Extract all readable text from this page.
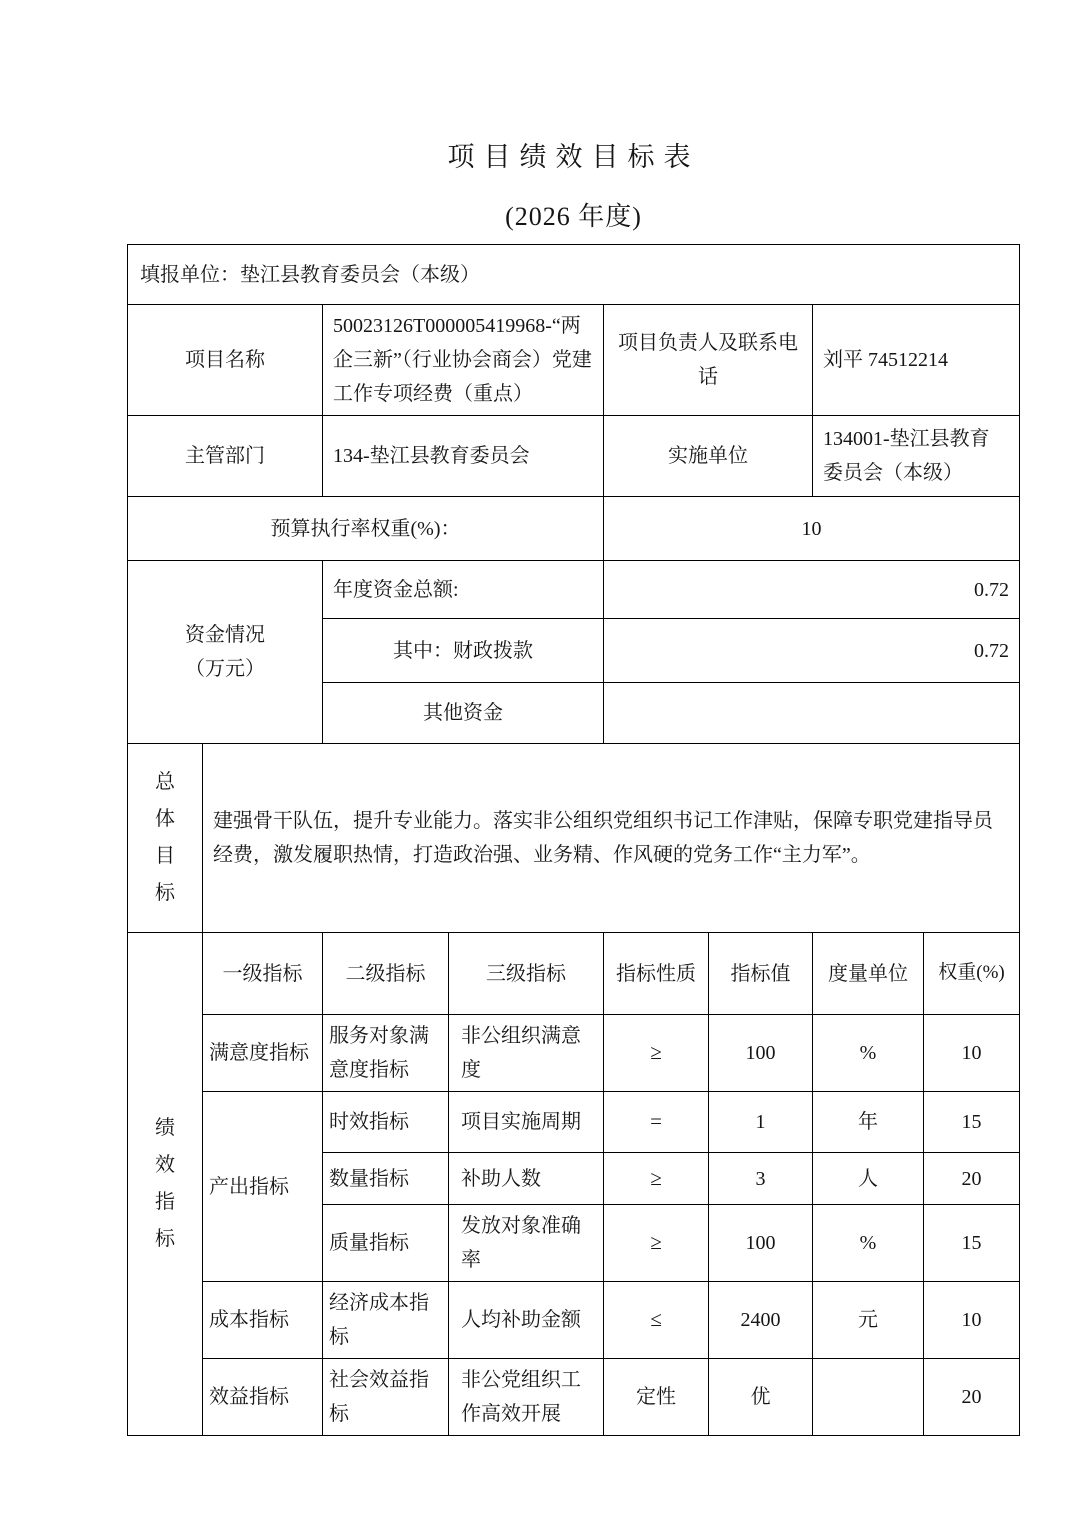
项目绩效目标表
(2026 年度)
填报单位：垫江县教育委员会（本级）							
项目名称		50023126T000005419968-“两企三新”（行业协会商会）党建工作专项经费（重点）		项目负责人及联系电话		刘平 74512214	
主管部门		134-垫江县教育委员会		实施单位		134001-垫江县教育委员会（本级）	
预算执行率权重(%)：				10			

资金情况
（万元）		年度资金总额:		0.72			
		其中：财政拨款		0.72			
		其他资金					

总体目标	建强骨干队伍，提升专业能力。落实非公组织党组织书记工作津贴，保障专职党建指导员经费，激发履职热情，打造政治强、业务精、作风硬的党务工作“主力军”。						

绩效指标	一级指标	二级指标	三级指标	指标性质	指标值	度量单位	权重(%)
	满意度指标	服务对象满意度指标	非公组织满意度	≥	100	%	10
	产出指标	时效指标	项目实施周期	=	1	年	15
		数量指标	补助人数	≥	3	人	20
		质量指标	发放对象准确率	≥	100	%	15
	成本指标	经济成本指标	人均补助金额	≤	2400	元	10
	效益指标	社会效益指标	非公党组织工作高效开展	定性	优		20
